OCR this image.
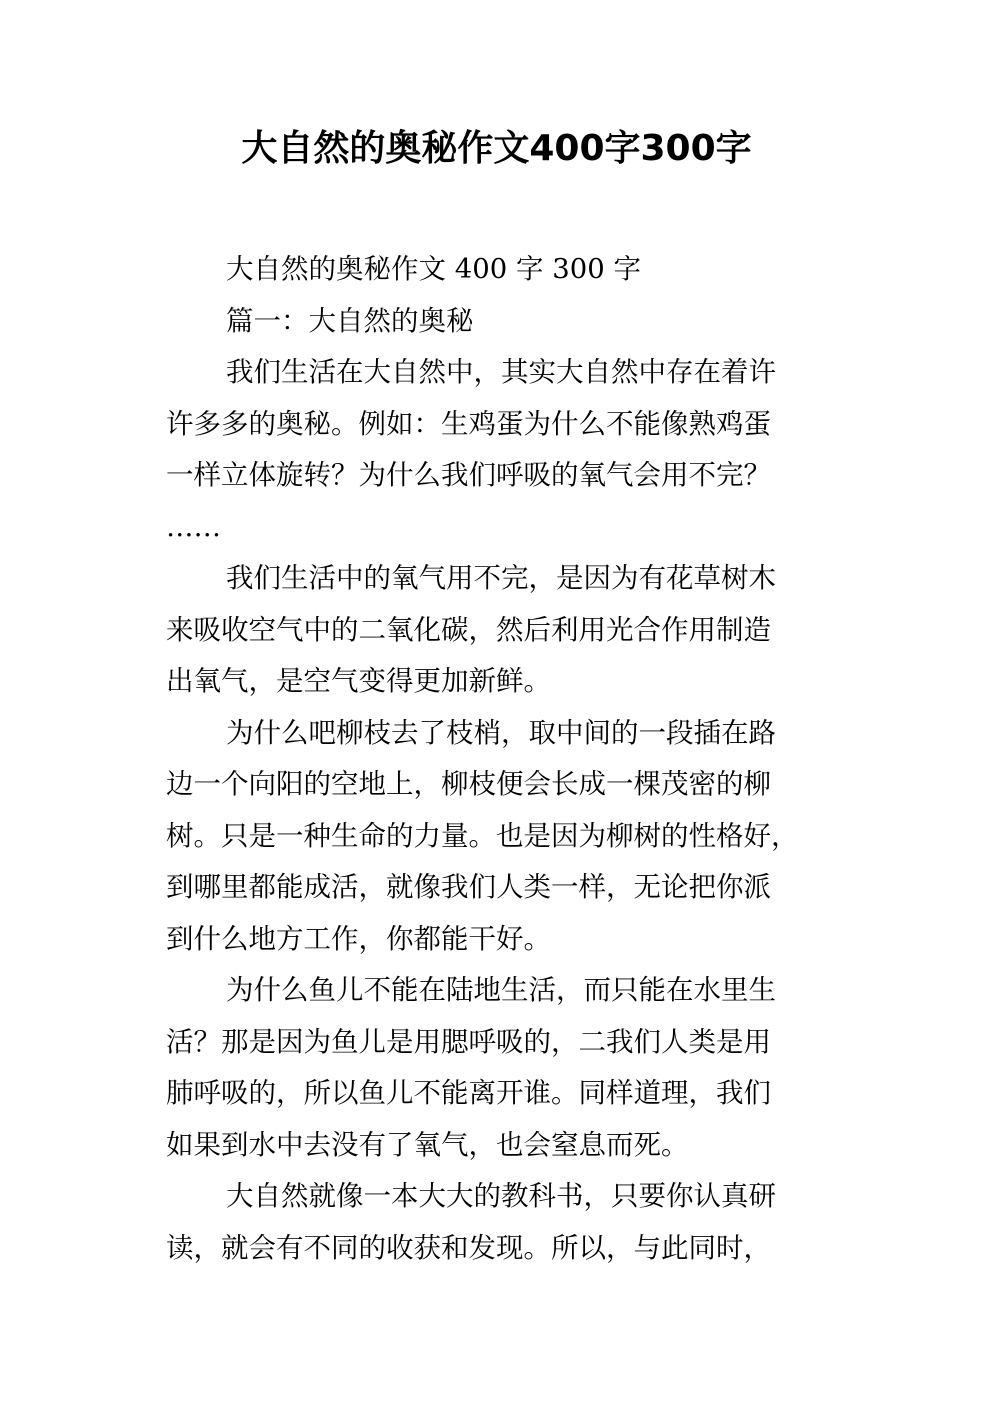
大自然的奥秘作文400字300字

大自然的奥秘作文 400 字 300 字

篇一：大自然的奥秘

我们生活在大自然中，其实大自然中存在着许
许多多的奥秘。例如：生鸡蛋为什么不能像熟鸡蛋
一样立体旋转？为什么我们呼吸的氧气会用不完？
……

我们生活中的氧气用不完，是因为有花草树木
来吸收空气中的二氧化碳，然后利用光合作用制造
出氧气，是空气变得更加新鲜。

为什么吧柳枝去了枝梢，取中间的一段插在路
边一个向阳的空地上，柳枝便会长成一棵茂密的柳
树。只是一种生命的力量。也是因为柳树的性格好，
到哪里都能成活，就像我们人类一样，无论把你派
到什么地方工作，你都能干好。

为什么鱼儿不能在陆地生活，而只能在水里生
活？那是因为鱼儿是用腮呼吸的，二我们人类是用
肺呼吸的，所以鱼儿不能离开谁。同样道理，我们
如果到水中去没有了氧气，也会窒息而死。

大自然就像一本大大的教科书，只要你认真研
读，就会有不同的收获和发现。所以，与此同时，
